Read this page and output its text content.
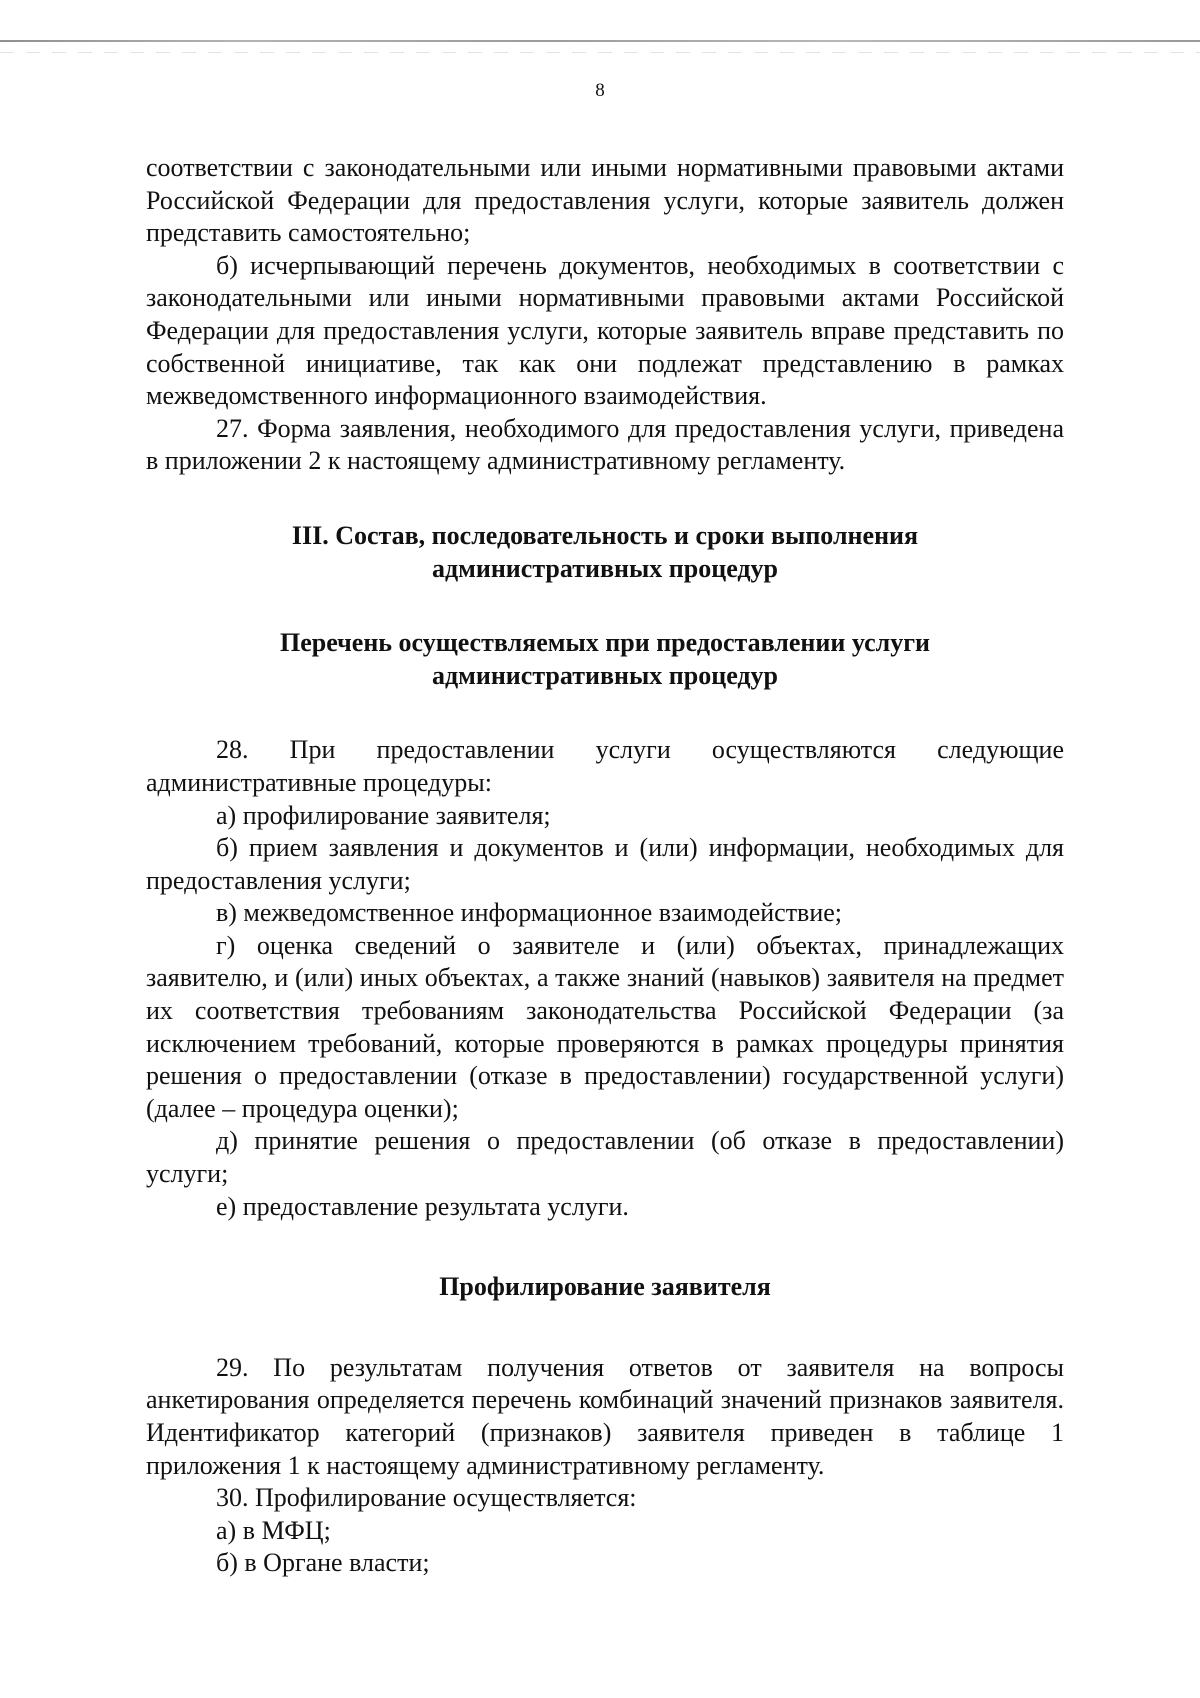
8

соответствии с законодательными или иными нормативными правовыми актами Российской Федерации для предоставления услуги, которые заявитель должен представить самостоятельно;

б) исчерпывающий перечень документов, необходимых в соответствии с законодательными или иными нормативными правовыми актами Российской Федерации для предоставления услуги, которые заявитель вправе представить по собственной инициативе, так как они подлежат представлению в рамках межведомственного информационного взаимодействия.

27. Форма заявления, необходимого для предоставления услуги, приведена в приложении 2 к настоящему административному регламенту.

III. Состав, последовательность и сроки выполнения

административных процедур

Перечень осуществляемых при предоставлении услуги

административных процедур

28. При предоставлении услуги осуществляются следующие административные процедуры:

а) профилирование заявителя;

б) прием заявления и документов и (или) информации, необходимых для предоставления услуги;

в) межведомственное информационное взаимодействие;

г) оценка сведений о заявителе и (или) объектах, принадлежащих заявителю, и (или) иных объектах, а также знаний (навыков) заявителя на предмет их соответствия требованиям законодательства Российской Федерации (за исключением требований, которые проверяются в рамках процедуры принятия решения о предоставлении (отказе в предоставлении) государственной услуги) (далее – процедура оценки);

д) принятие решения о предоставлении (об отказе в предоставлении) услуги;

е) предоставление результата услуги.

Профилирование заявителя

29. По результатам получения ответов от заявителя на вопросы анкетирования определяется перечень комбинаций значений признаков заявителя. Идентификатор категорий (признаков) заявителя приведен в таблице 1 приложения 1 к настоящему административному регламенту.

30. Профилирование осуществляется:

а) в МФЦ;

б) в Органе власти;
